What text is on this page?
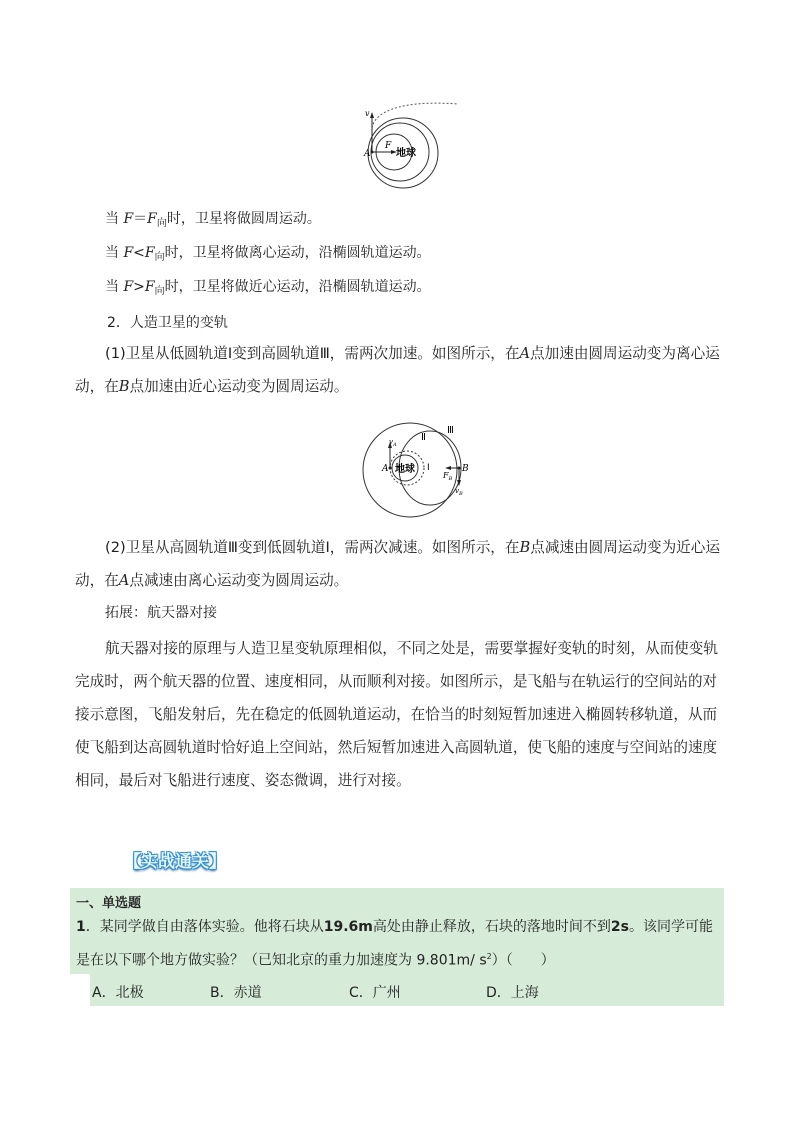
v
A
F
地球
当 $F=F_向$时，卫星将做圆周运动。
当 $F<F_向$时，卫星将做离心运动，沿椭圆轨道运动。
当 $F>F_向$时，卫星将做近心运动，沿椭圆轨道运动。
2．人造卫星的变轨

(1)卫星从低圆轨道Ⅰ变到高圆轨道Ⅲ，需两次加速。如图所示，在A点加速由圆周运动变为离心运动，在B点加速由近心运动变为圆周运动。

Ⅱ
Ⅲ
Ⅰ
$v_A$
A	B
$F_B$
$v_B$
地球

(2)卫星从高圆轨道Ⅲ变到低圆轨道Ⅰ，需两次减速。如图所示，在B点减速由圆周运动变为近心运动，在A点减速由离心运动变为圆周运动。

拓展：航天器对接

航天器对接的原理与人造卫星变轨原理相似，不同之处是，需要掌握好变轨的时刻，从而使变轨完成时，两个航天器的位置、速度相同，从而顺利对接。如图所示，是飞船与在轨运行的空间站的对接示意图，飞船发射后，先在稳定的低圆轨道运动，在恰当的时刻短暂加速进入椭圆转移轨道，从而使飞船到达高圆轨道时恰好追上空间站，然后短暂加速进入高圆轨道，使飞船的速度与空间站的速度相同，最后对飞船进行速度、姿态微调，进行对接。

【实战通关】
一、单选题
1．某同学做自由落体实验。他将石块从19.6m高处由静止释放，石块的落地时间不到2s。该同学可能是在以下哪个地方做实验？（已知北京的重力加速度为 9.801m/ $s^2$）（　　）
A．北极	B．赤道	C．广州	D．上海
